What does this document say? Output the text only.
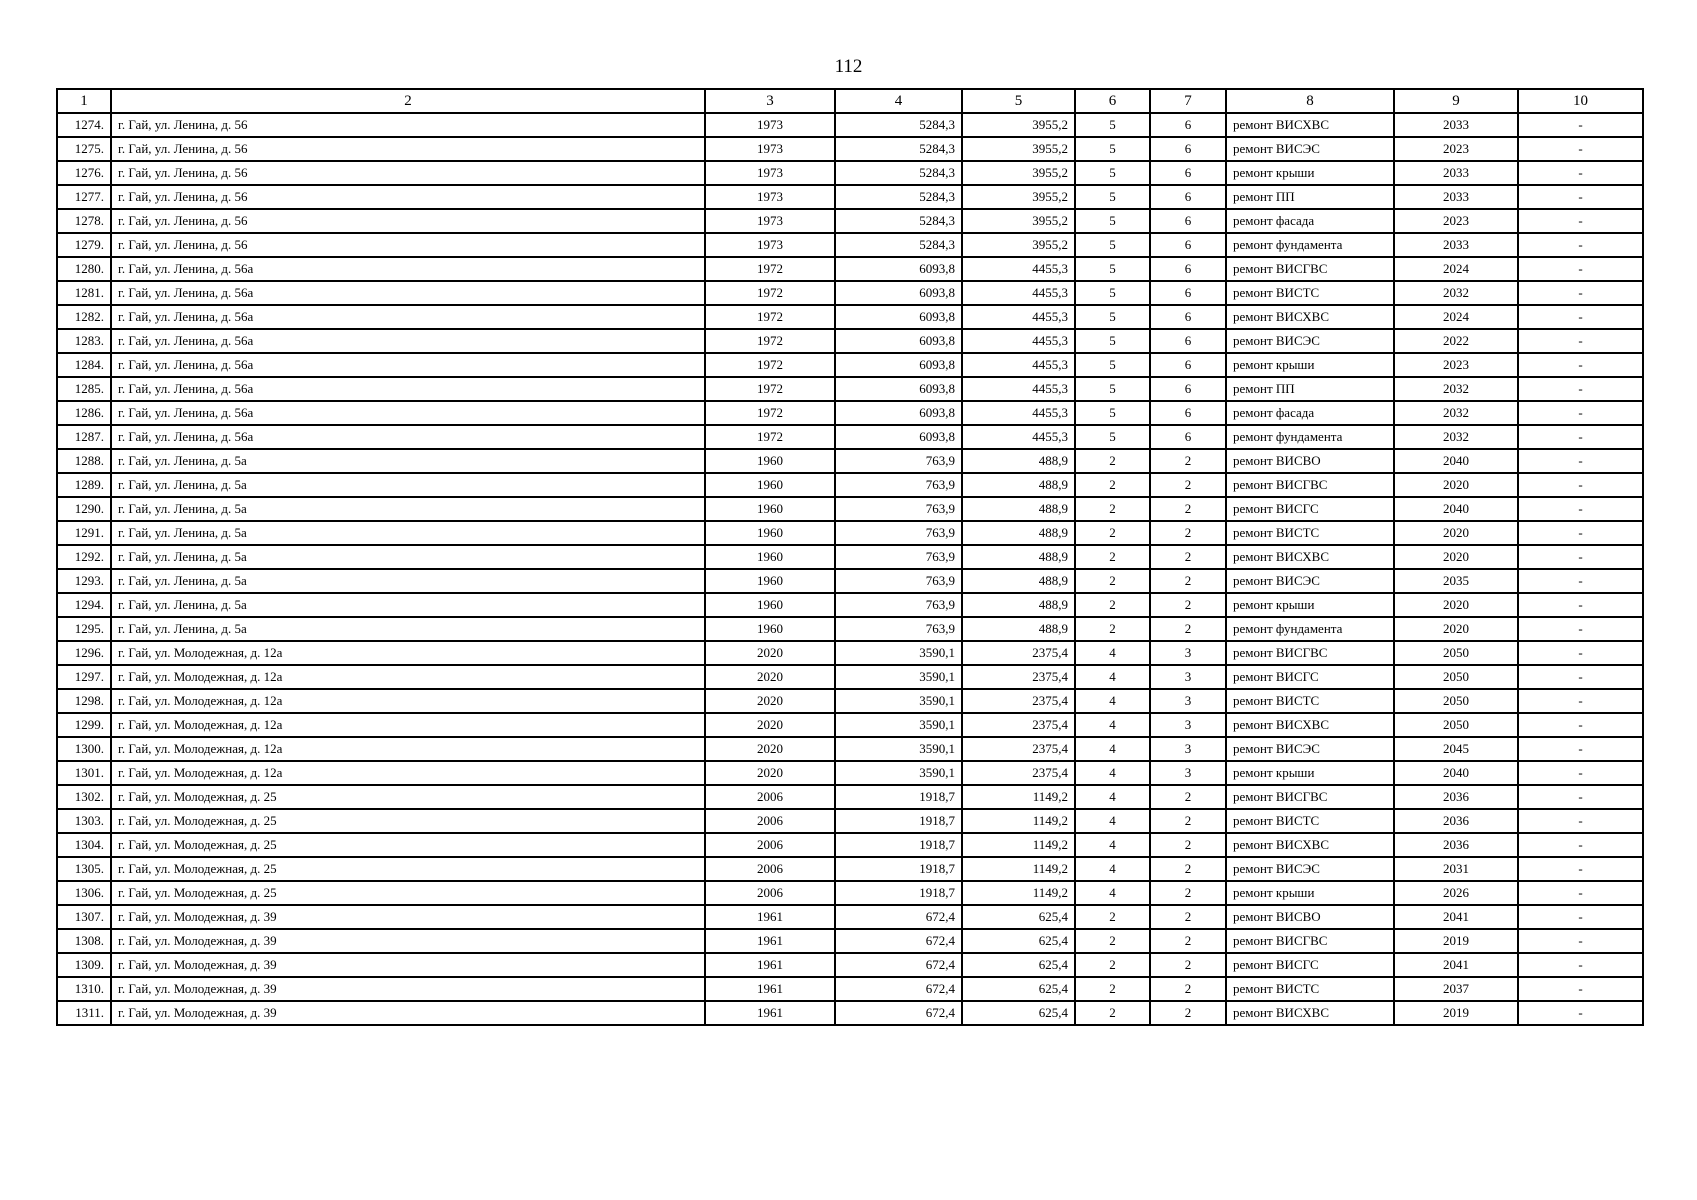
112
1	2	3	4	5	6	7	8	9	10
1274.	г. Гай, ул. Ленина, д. 56	1973	5284,3	3955,2	5	6	ремонт ВИСХВС	2033	-
1275.	г. Гай, ул. Ленина, д. 56	1973	5284,3	3955,2	5	6	ремонт ВИСЭС	2023	-
1276.	г. Гай, ул. Ленина, д. 56	1973	5284,3	3955,2	5	6	ремонт крыши	2033	-
1277.	г. Гай, ул. Ленина, д. 56	1973	5284,3	3955,2	5	6	ремонт ПП	2033	-
1278.	г. Гай, ул. Ленина, д. 56	1973	5284,3	3955,2	5	6	ремонт фасада	2023	-
1279.	г. Гай, ул. Ленина, д. 56	1973	5284,3	3955,2	5	6	ремонт фундамента	2033	-
1280.	г. Гай, ул. Ленина, д. 56а	1972	6093,8	4455,3	5	6	ремонт ВИСГВС	2024	-
1281.	г. Гай, ул. Ленина, д. 56а	1972	6093,8	4455,3	5	6	ремонт ВИСТС	2032	-
1282.	г. Гай, ул. Ленина, д. 56а	1972	6093,8	4455,3	5	6	ремонт ВИСХВС	2024	-
1283.	г. Гай, ул. Ленина, д. 56а	1972	6093,8	4455,3	5	6	ремонт ВИСЭС	2022	-
1284.	г. Гай, ул. Ленина, д. 56а	1972	6093,8	4455,3	5	6	ремонт крыши	2023	-
1285.	г. Гай, ул. Ленина, д. 56а	1972	6093,8	4455,3	5	6	ремонт ПП	2032	-
1286.	г. Гай, ул. Ленина, д. 56а	1972	6093,8	4455,3	5	6	ремонт фасада	2032	-
1287.	г. Гай, ул. Ленина, д. 56а	1972	6093,8	4455,3	5	6	ремонт фундамента	2032	-
1288.	г. Гай, ул. Ленина, д. 5а	1960	763,9	488,9	2	2	ремонт ВИСВО	2040	-
1289.	г. Гай, ул. Ленина, д. 5а	1960	763,9	488,9	2	2	ремонт ВИСГВС	2020	-
1290.	г. Гай, ул. Ленина, д. 5а	1960	763,9	488,9	2	2	ремонт ВИСГС	2040	-
1291.	г. Гай, ул. Ленина, д. 5а	1960	763,9	488,9	2	2	ремонт ВИСТС	2020	-
1292.	г. Гай, ул. Ленина, д. 5а	1960	763,9	488,9	2	2	ремонт ВИСХВС	2020	-
1293.	г. Гай, ул. Ленина, д. 5а	1960	763,9	488,9	2	2	ремонт ВИСЭС	2035	-
1294.	г. Гай, ул. Ленина, д. 5а	1960	763,9	488,9	2	2	ремонт крыши	2020	-
1295.	г. Гай, ул. Ленина, д. 5а	1960	763,9	488,9	2	2	ремонт фундамента	2020	-
1296.	г. Гай, ул. Молодежная, д. 12а	2020	3590,1	2375,4	4	3	ремонт ВИСГВС	2050	-
1297.	г. Гай, ул. Молодежная, д. 12а	2020	3590,1	2375,4	4	3	ремонт ВИСГС	2050	-
1298.	г. Гай, ул. Молодежная, д. 12а	2020	3590,1	2375,4	4	3	ремонт ВИСТС	2050	-
1299.	г. Гай, ул. Молодежная, д. 12а	2020	3590,1	2375,4	4	3	ремонт ВИСХВС	2050	-
1300.	г. Гай, ул. Молодежная, д. 12а	2020	3590,1	2375,4	4	3	ремонт ВИСЭС	2045	-
1301.	г. Гай, ул. Молодежная, д. 12а	2020	3590,1	2375,4	4	3	ремонт крыши	2040	-
1302.	г. Гай, ул. Молодежная, д. 25	2006	1918,7	1149,2	4	2	ремонт ВИСГВС	2036	-
1303.	г. Гай, ул. Молодежная, д. 25	2006	1918,7	1149,2	4	2	ремонт ВИСТС	2036	-
1304.	г. Гай, ул. Молодежная, д. 25	2006	1918,7	1149,2	4	2	ремонт ВИСХВС	2036	-
1305.	г. Гай, ул. Молодежная, д. 25	2006	1918,7	1149,2	4	2	ремонт ВИСЭС	2031	-
1306.	г. Гай, ул. Молодежная, д. 25	2006	1918,7	1149,2	4	2	ремонт крыши	2026	-
1307.	г. Гай, ул. Молодежная, д. 39	1961	672,4	625,4	2	2	ремонт ВИСВО	2041	-
1308.	г. Гай, ул. Молодежная, д. 39	1961	672,4	625,4	2	2	ремонт ВИСГВС	2019	-
1309.	г. Гай, ул. Молодежная, д. 39	1961	672,4	625,4	2	2	ремонт ВИСГС	2041	-
1310.	г. Гай, ул. Молодежная, д. 39	1961	672,4	625,4	2	2	ремонт ВИСТС	2037	-
1311.	г. Гай, ул. Молодежная, д. 39	1961	672,4	625,4	2	2	ремонт ВИСХВС	2019	-
